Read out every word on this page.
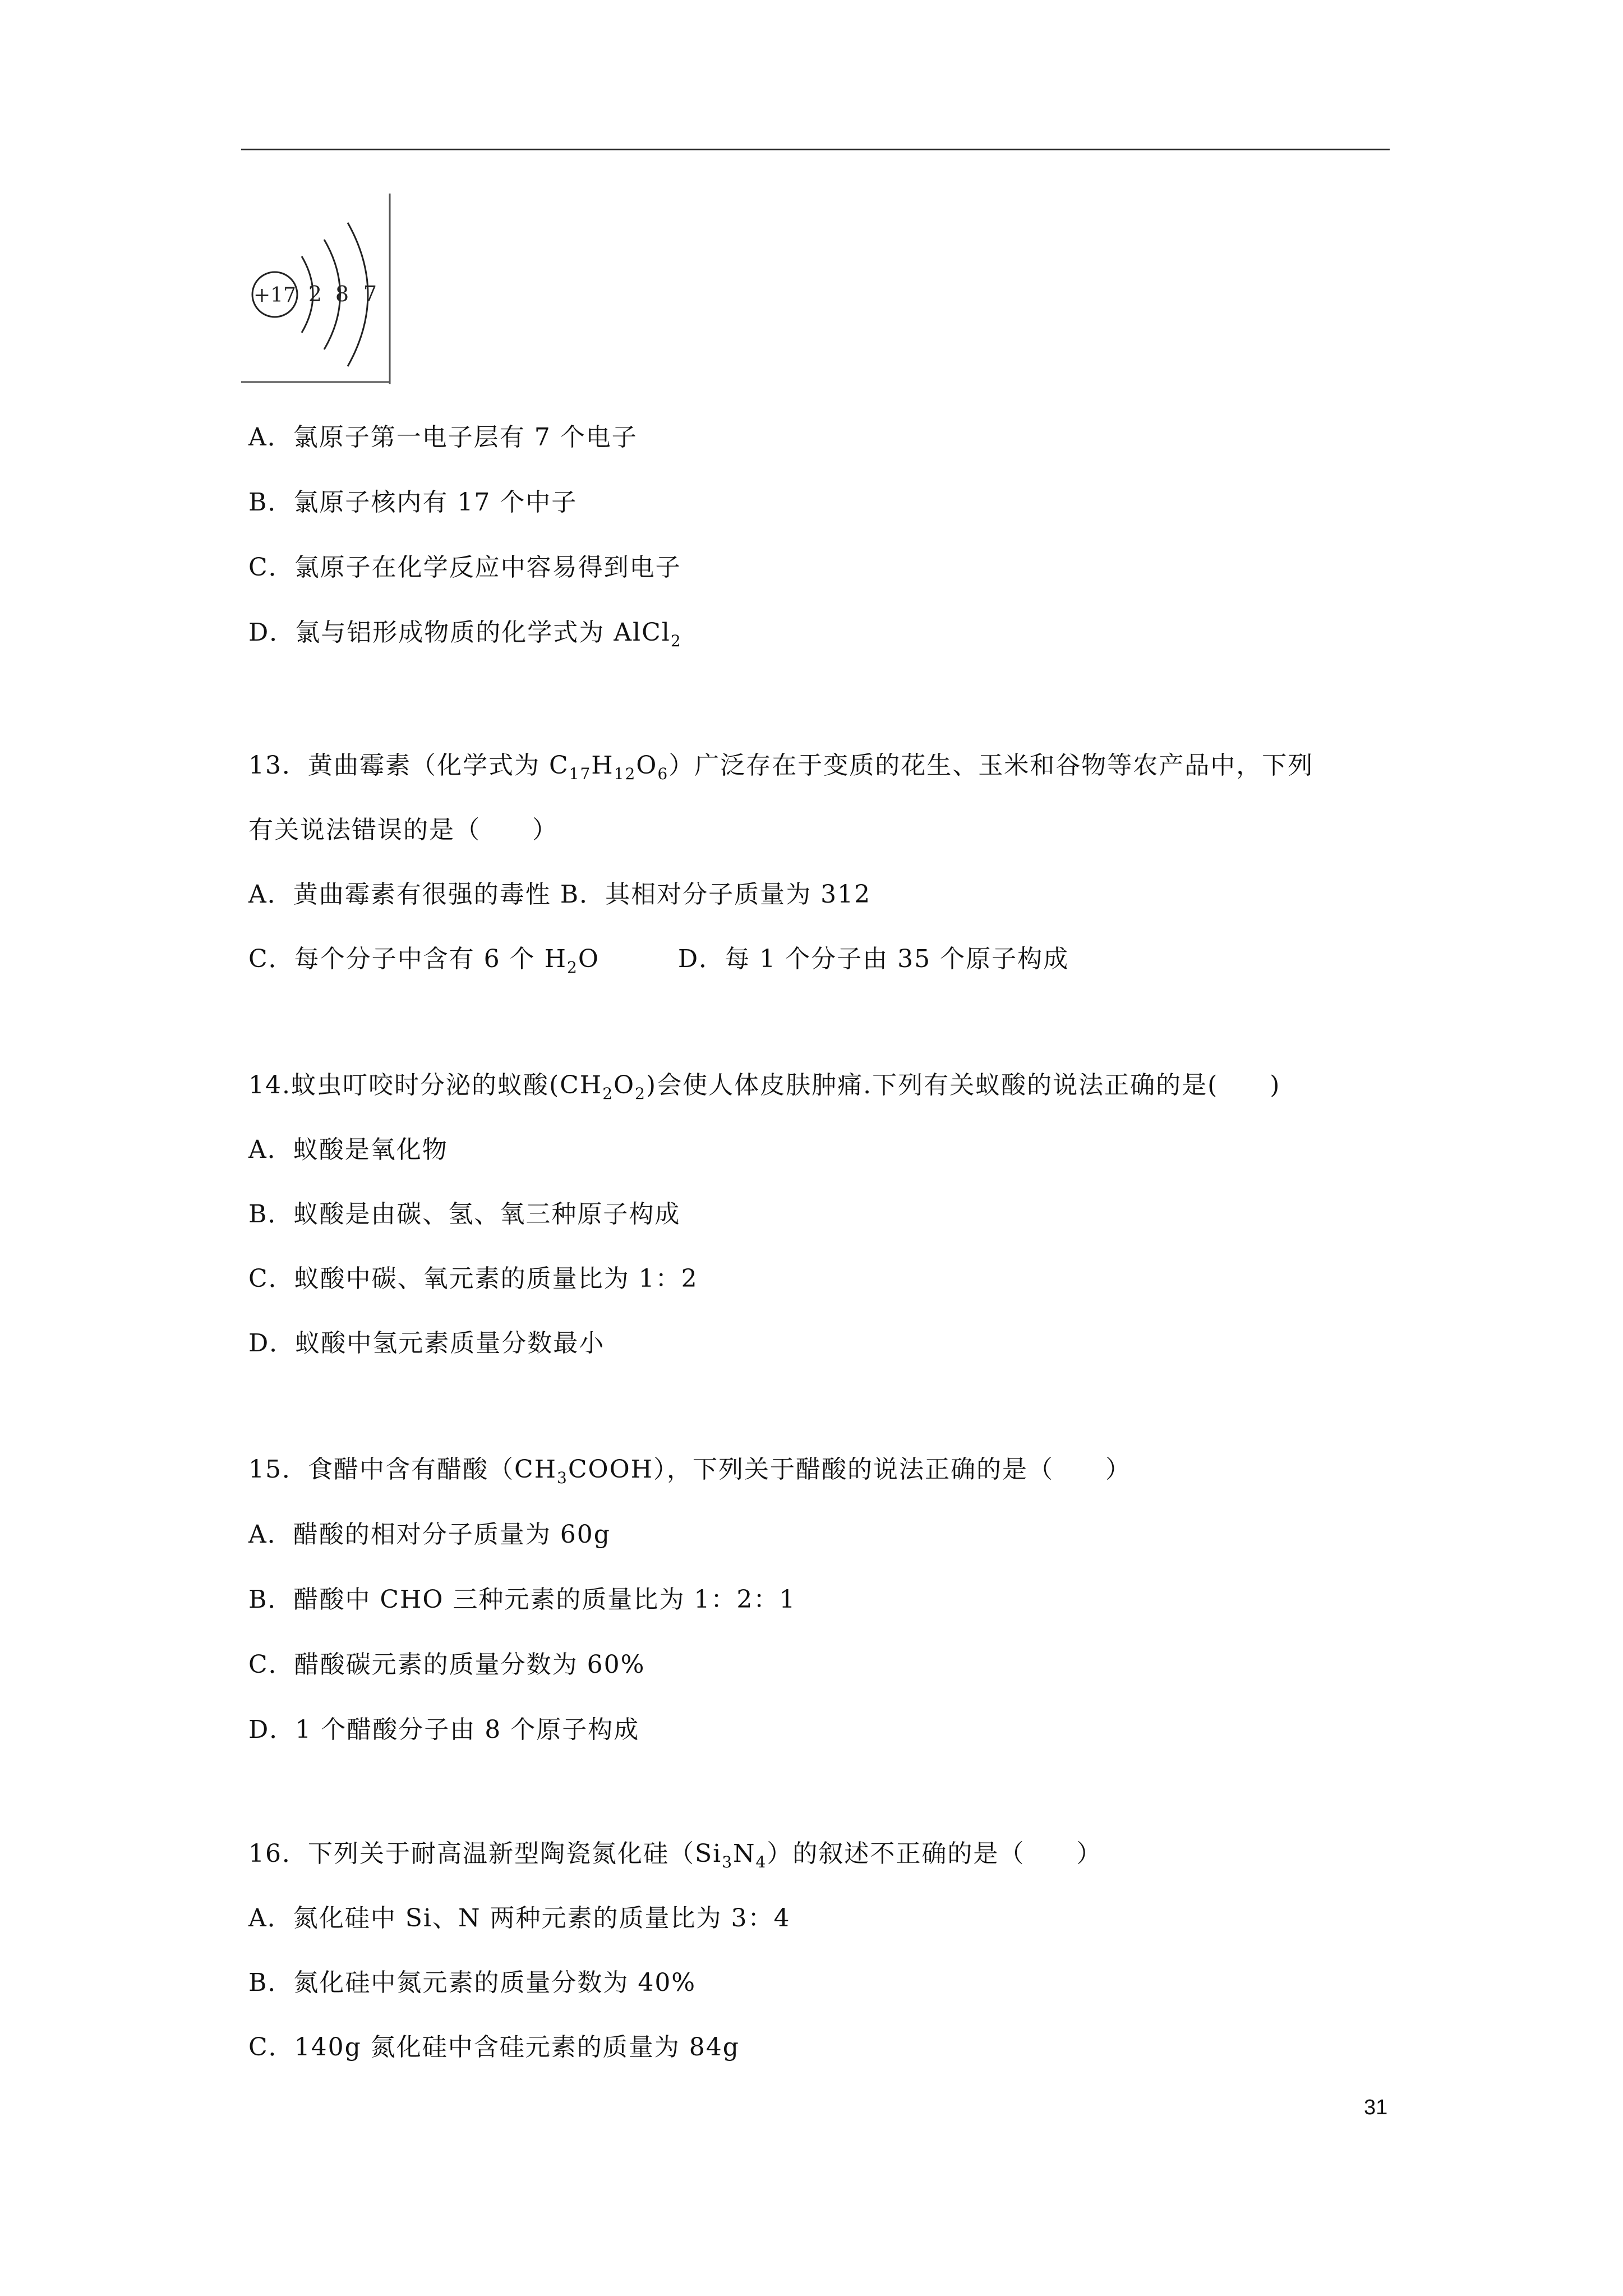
+17 2 8 7
A．氯原子第一电子层有 7 个电子
B．氯原子核内有 17 个中子
C．氯原子在化学反应中容易得到电子
D．氯与铝形成物质的化学式为 AlCl$_2$
13．黄曲霉素（化学式为 $C_{17}H_{12}O_6$）广泛存在于变质的花生、玉米和谷物等农产品中，下列
有关说法错误的是（　　）
A．黄曲霉素有很强的毒性 B．其相对分子质量为 312
C．每个分子中含有 6 个 $H_2O$	D．每 1 个分子由 35 个原子构成
14.蚊虫叮咬时分泌的蚁酸$(CH_2O_2)$会使人体皮肤肿痛.下列有关蚁酸的说法正确的是(　　)
A．蚁酸是氧化物
B．蚁酸是由碳、氢、氧三种原子构成
C．蚁酸中碳、氧元素的质量比为 1：2
D．蚁酸中氢元素质量分数最小
15．食醋中含有醋酸$(CH_3COOH)$，下列关于醋酸的说法正确的是（　　）
A．醋酸的相对分子质量为 60g
B．醋酸中 CHO 三种元素的质量比为 1：2：1
C．醋酸碳元素的质量分数为 60%
D．1 个醋酸分子由 8 个原子构成
16．下列关于耐高温新型陶瓷氮化硅$(Si_3N_4)$的叙述不正确的是（　　）
A．氮化硅中 Si、N 两种元素的质量比为 3：4
B．氮化硅中氮元素的质量分数为 40%
C．140g 氮化硅中含硅元素的质量为 84g
31
